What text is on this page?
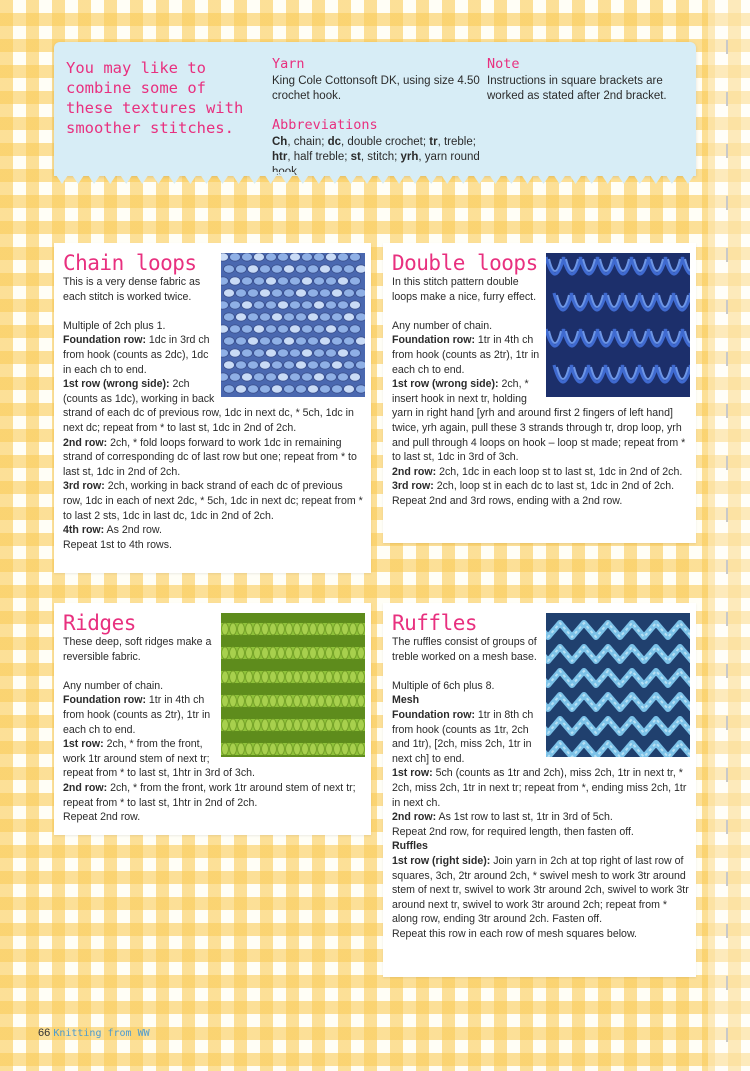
You may like to combine some of these textures with smoother stitches.
Yarn

King Cole Cottonsoft DK, using size 4.50 crochet hook.

Abbreviations

Ch, chain; dc, double crochet; tr, treble; htr, half treble; st, stitch; yrh, yarn round

Note

Instructions in square brackets are worked as stated after 2nd bracket.

Chain loops

This is a very dense fabric as each stitch is worked twice.

Multiple of 2ch plus 1.

Foundation row: 1dc in 3rd ch from hook (counts as 2dc), 1dc in each ch to end.

1st row (wrong side): 2ch (counts as 1dc), working in back strand of each dc of previous row, 1dc in next dc, * 5ch, 1dc in next dc; repeat from * to last st, 1dc in 2nd of 2ch.

2nd row: 2ch, * fold loops forward to work 1dc in remaining strand of corresponding dc of last row but one; repeat from * to last st, 1dc in 2nd of 2ch.

3rd row: 2ch, working in back strand of each dc of previous row, 1dc in each of next 2dc, * 5ch, 1dc in next dc; repeat from * to last 2 sts, 1dc in last dc, 1dc in 2nd of 2ch.

4th row: As 2nd row.

Repeat 1st to 4th rows.

Double loops

In this stitch pattern double loops make a nice, furry effect.

Any number of chain.

Foundation row: 1tr in 4th ch from hook (counts as 2tr), 1tr in each ch to end.

1st row (wrong side): 2ch, * insert hook in next tr, holding yarn in right hand [yrh and around first 2 fingers of left hand] twice, yrh again, pull these 3 strands through tr, drop loop, yrh and pull through 4 loops on hook – loop st made; repeat from * to last st, 1dc in 3rd of 3ch.

2nd row: 2ch, 1dc in each loop st to last st, 1dc in 2nd of 2ch.

3rd row: 2ch, loop st in each dc to last st, 1dc in 2nd of 2ch.

Repeat 2nd and 3rd rows, ending with a 2nd row.

Ridges

These deep, soft ridges make a reversible fabric.

Any number of chain.

Foundation row: 1tr in 4th ch from hook (counts as 2tr), 1tr in each ch to end.

1st row: 2ch, * from the front, work 1tr around stem of next tr; repeat from * to last st, 1htr in 3rd of 3ch.

2nd row: 2ch, * from the front, work 1tr around stem of next tr; repeat from * to last st, 1htr in 2nd of 2ch.

Repeat 2nd row.

Ruffles

The ruffles consist of groups of treble worked on a mesh base.

Multiple of 6ch plus 8.

Mesh

Foundation row: 1tr in 8th ch from hook (counts as 1tr, 2ch and 1tr), [2ch, miss 2ch, 1tr in next ch] to end.

1st row: 5ch (counts as 1tr and 2ch), miss 2ch, 1tr in next tr, * 2ch, miss 2ch, 1tr in next tr; repeat from *, ending miss 2ch, 1tr in next ch.

2nd row: As 1st row to last st, 1tr in 3rd of 5ch.

Repeat 2nd row, for required length, then fasten off.

Ruffles

1st row (right side): Join yarn in 2ch at top right of last row of squares, 3ch, 2tr around 2ch, * swivel mesh to work 3tr around stem of next tr, swivel to work 3tr around 2ch, swivel to work 3tr around next tr, swivel to work 3tr around 2ch; repeat from * along row, ending 3tr around 2ch. Fasten off.

Repeat this row in each row of mesh squares below.

66 Knitting from WW
